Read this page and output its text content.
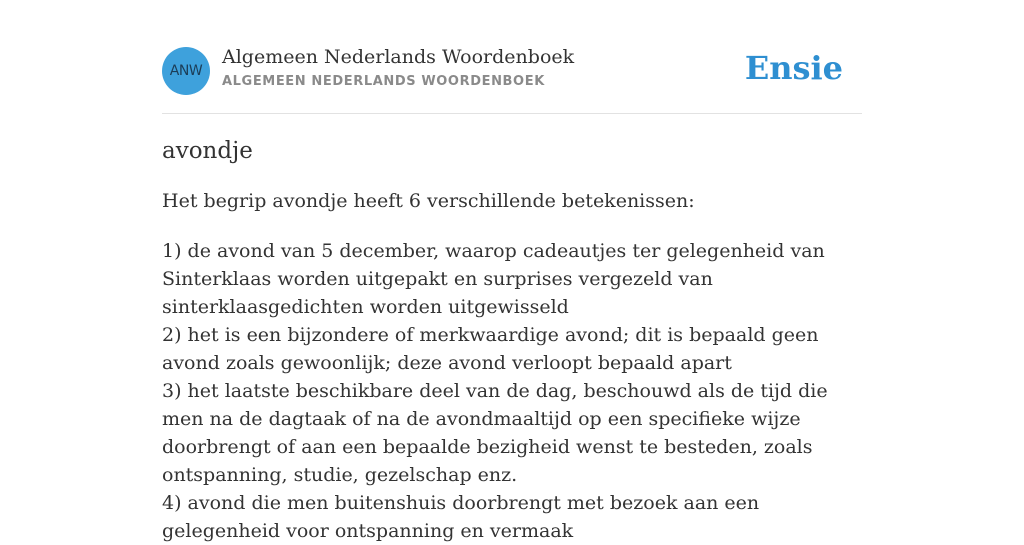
ANW
Algemeen Nederlands Woordenboek
ALGEMEEN NEDERLANDS WOORDENBOEK	Ensie
avondje

Het begrip avondje heeft 6 verschillende betekenissen:

1) de avond van 5 december, waarop cadeautjes ter gelegenheid van Sinterklaas worden uitgepakt en surprises vergezeld van sinterklaasgedichten worden uitgewisseld
2) het is een bijzondere of merkwaardige avond; dit is bepaald geen avond zoals gewoonlijk; deze avond verloopt bepaald apart
3) het laatste beschikbare deel van de dag, beschouwd als de tijd die men na de dagtaak of na de avondmaaltijd op een specifieke wijze doorbrengt of aan een bepaalde bezigheid wenst te besteden, zoals ontspanning, studie, gezelschap enz.
4) avond die men buitenshuis doorbrengt met bezoek aan een gelegenheid voor ontspanning en vermaak
